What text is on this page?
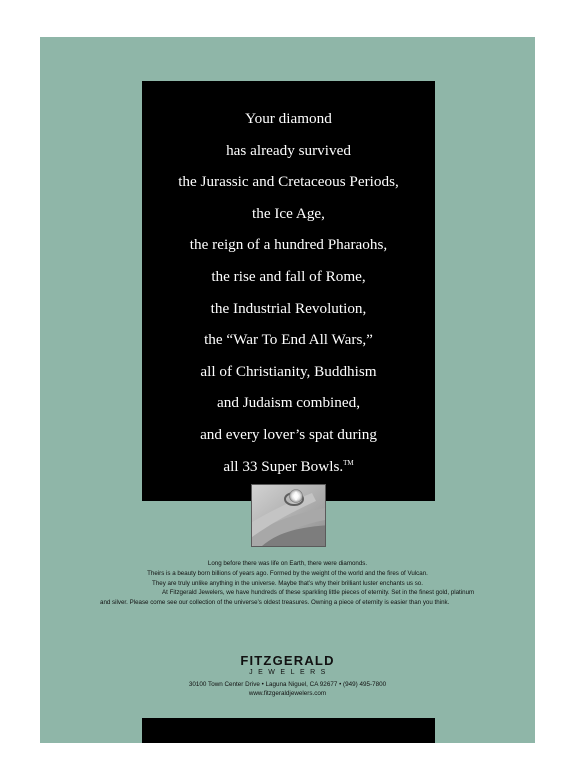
Your diamond
has already survived
the Jurassic and Cretaceous Periods,
the Ice Age,
the reign of a hundred Pharaohs,
the rise and fall of Rome,
the Industrial Revolution,
the “War To End All Wars,”
all of Christianity, Buddhism
and Judaism combined,
and every lover’s spat during
all 33 Super Bowls.™

Long before there was life on Earth, there were diamonds.

Theirs is a beauty born billions of years ago. Formed by the weight of the world and the fires of Vulcan.

They are truly unlike anything in the universe. Maybe that’s why their brilliant luster enchants us so.

At Fitzgerald Jewelers, we have hundreds of these sparkling little pieces of eternity. Set in the finest gold, platinum and silver. Please come see our collection of the universe’s oldest treasures. Owning a piece of eternity is easier than you think.

FITZGERALD
JEWELERS
30100 Town Center Drive • Laguna Niguel, CA 92677 • (949) 495-7800
www.fitzgeraldjewelers.com
